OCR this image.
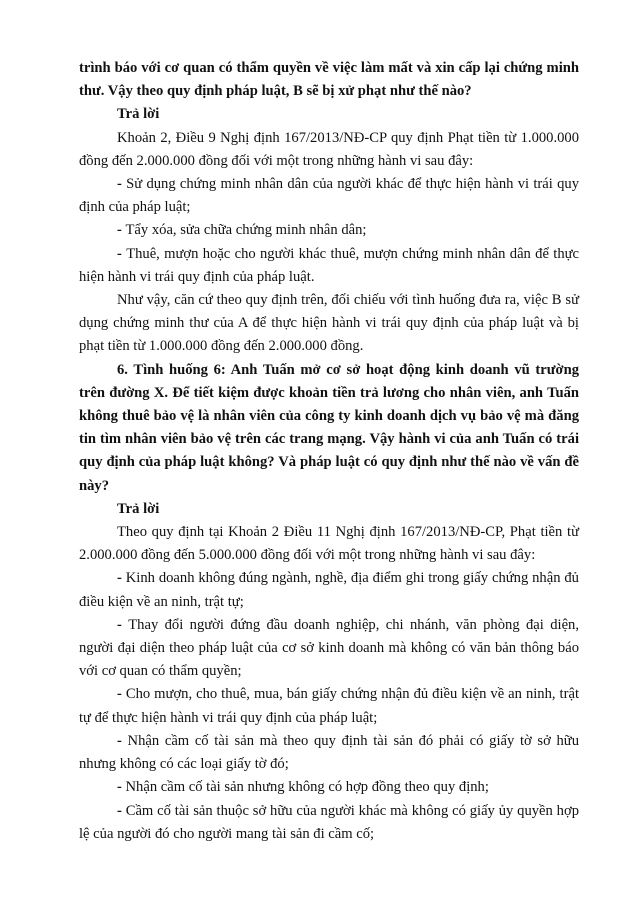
trình báo với cơ quan có thẩm quyền về việc làm mất và xin cấp lại chứng minh thư. Vậy theo quy định pháp luật, B sẽ bị xử phạt như thế nào?

Trả lời

Khoản 2, Điều 9 Nghị định 167/2013/NĐ-CP quy định Phạt tiền từ 1.000.000 đồng đến 2.000.000 đồng đối với một trong những hành vi sau đây:

- Sử dụng chứng minh nhân dân của người khác để thực hiện hành vi trái quy định của pháp luật;

- Tẩy xóa, sửa chữa chứng minh nhân dân;

- Thuê, mượn hoặc cho người khác thuê, mượn chứng minh nhân dân để thực hiện hành vi trái quy định của pháp luật.

Như vậy, căn cứ theo quy định trên, đối chiếu với tình huống đưa ra, việc B sử dụng chứng minh thư của A để thực hiện hành vi trái quy định của pháp luật và bị phạt tiền từ 1.000.000 đồng đến 2.000.000 đồng.

6. Tình huống 6: Anh Tuấn mở cơ sở hoạt động kinh doanh vũ trường trên đường X. Để tiết kiệm được khoản tiền trả lương cho nhân viên, anh Tuấn không thuê bảo vệ là nhân viên của công ty kinh doanh dịch vụ bảo vệ mà đăng tin tìm nhân viên bảo vệ trên các trang mạng. Vậy hành vi của anh Tuấn có trái quy định của pháp luật không? Và pháp luật có quy định như thế nào về vấn đề này?

Trả lời

Theo quy định tại Khoản 2 Điều 11 Nghị định 167/2013/NĐ-CP, Phạt tiền từ 2.000.000 đồng đến 5.000.000 đồng đối với một trong những hành vi sau đây:

- Kinh doanh không đúng ngành, nghề, địa điểm ghi trong giấy chứng nhận đủ điều kiện về an ninh, trật tự;

- Thay đổi người đứng đầu doanh nghiệp, chi nhánh, văn phòng đại diện, người đại diện theo pháp luật của cơ sở kinh doanh mà không có văn bản thông báo với cơ quan có thẩm quyền;

- Cho mượn, cho thuê, mua, bán giấy chứng nhận đủ điều kiện về an ninh, trật tự để thực hiện hành vi trái quy định của pháp luật;

- Nhận cầm cố tài sản mà theo quy định tài sản đó phải có giấy tờ sở hữu nhưng không có các loại giấy tờ đó;

- Nhận cầm cố tài sản nhưng không có hợp đồng theo quy định;

- Cầm cố tài sản thuộc sở hữu của người khác mà không có giấy ủy quyền hợp lệ của người đó cho người mang tài sản đi cầm cố;
